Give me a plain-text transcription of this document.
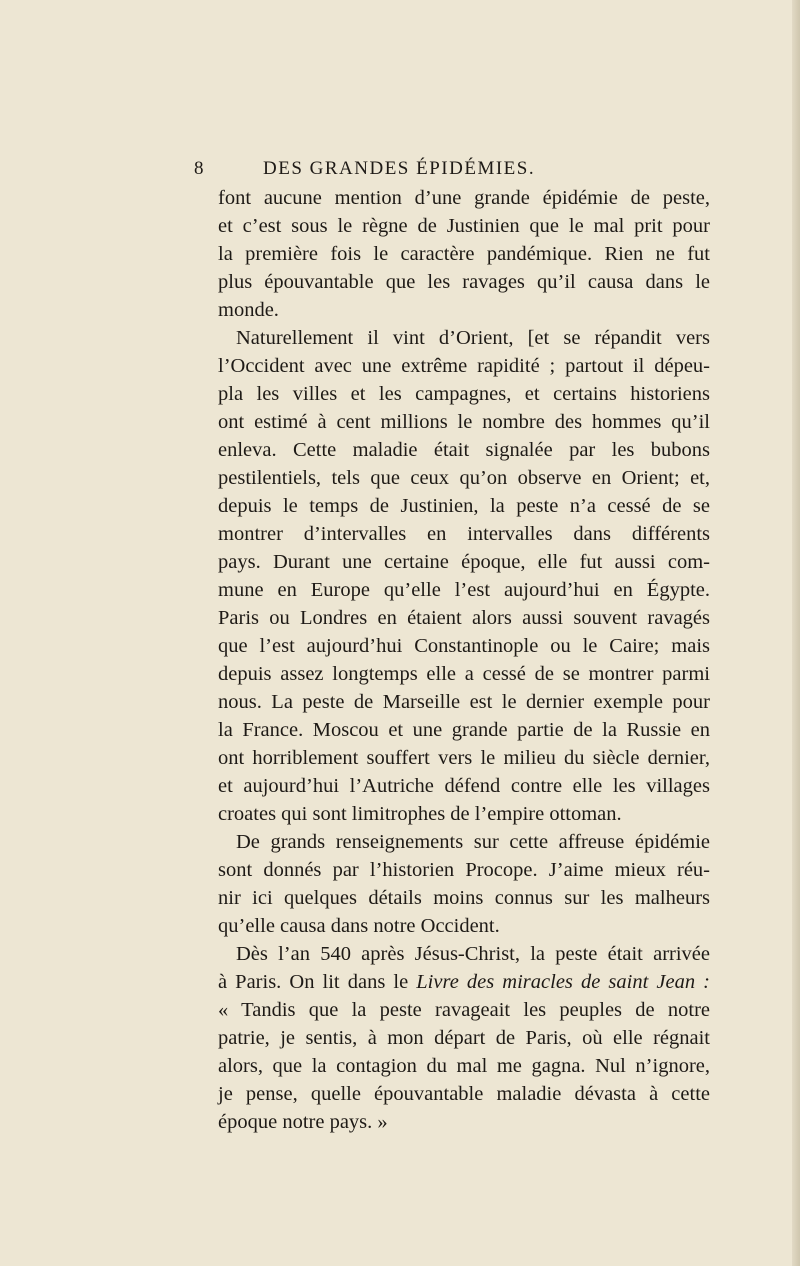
8	DES GRANDES ÉPIDÉMIES.
font aucune mention d’une grande épidémie de peste,
et c’est sous le règne de Justinien que le mal prit pour
la première fois le caractère pandémique. Rien ne fut
plus épouvantable que les ravages qu’il causa dans le
monde.
Naturellement il vint d’Orient, [et se répandit vers
l’Occident avec une extrême rapidité ; partout il dépeu-
pla les villes et les campagnes, et certains historiens
ont estimé à cent millions le nombre des hommes qu’il
enleva. Cette maladie était signalée par les bubons
pestilentiels, tels que ceux qu’on observe en Orient; et,
depuis le temps de Justinien, la peste n’a cessé de se
montrer d’intervalles en intervalles dans différents
pays. Durant une certaine époque, elle fut aussi com-
mune en Europe qu’elle l’est aujourd’hui en Égypte.
Paris ou Londres en étaient alors aussi souvent ravagés
que l’est aujourd’hui Constantinople ou le Caire; mais
depuis assez longtemps elle a cessé de se montrer parmi
nous. La peste de Marseille est le dernier exemple pour
la France. Moscou et une grande partie de la Russie en
ont horriblement souffert vers le milieu du siècle dernier,
et aujourd’hui l’Autriche défend contre elle les villages
croates qui sont limitrophes de l’empire ottoman.
De grands renseignements sur cette affreuse épidémie
sont donnés par l’historien Procope. J’aime mieux réu-
nir ici quelques détails moins connus sur les malheurs
qu’elle causa dans notre Occident.
Dès l’an 540 après Jésus-Christ, la peste était arrivée
à Paris. On lit dans le Livre des miracles de saint Jean :
« Tandis que la peste ravageait les peuples de notre
patrie, je sentis, à mon départ de Paris, où elle régnait
alors, que la contagion du mal me gagna. Nul n’ignore,
je pense, quelle épouvantable maladie dévasta à cette
époque notre pays. »
